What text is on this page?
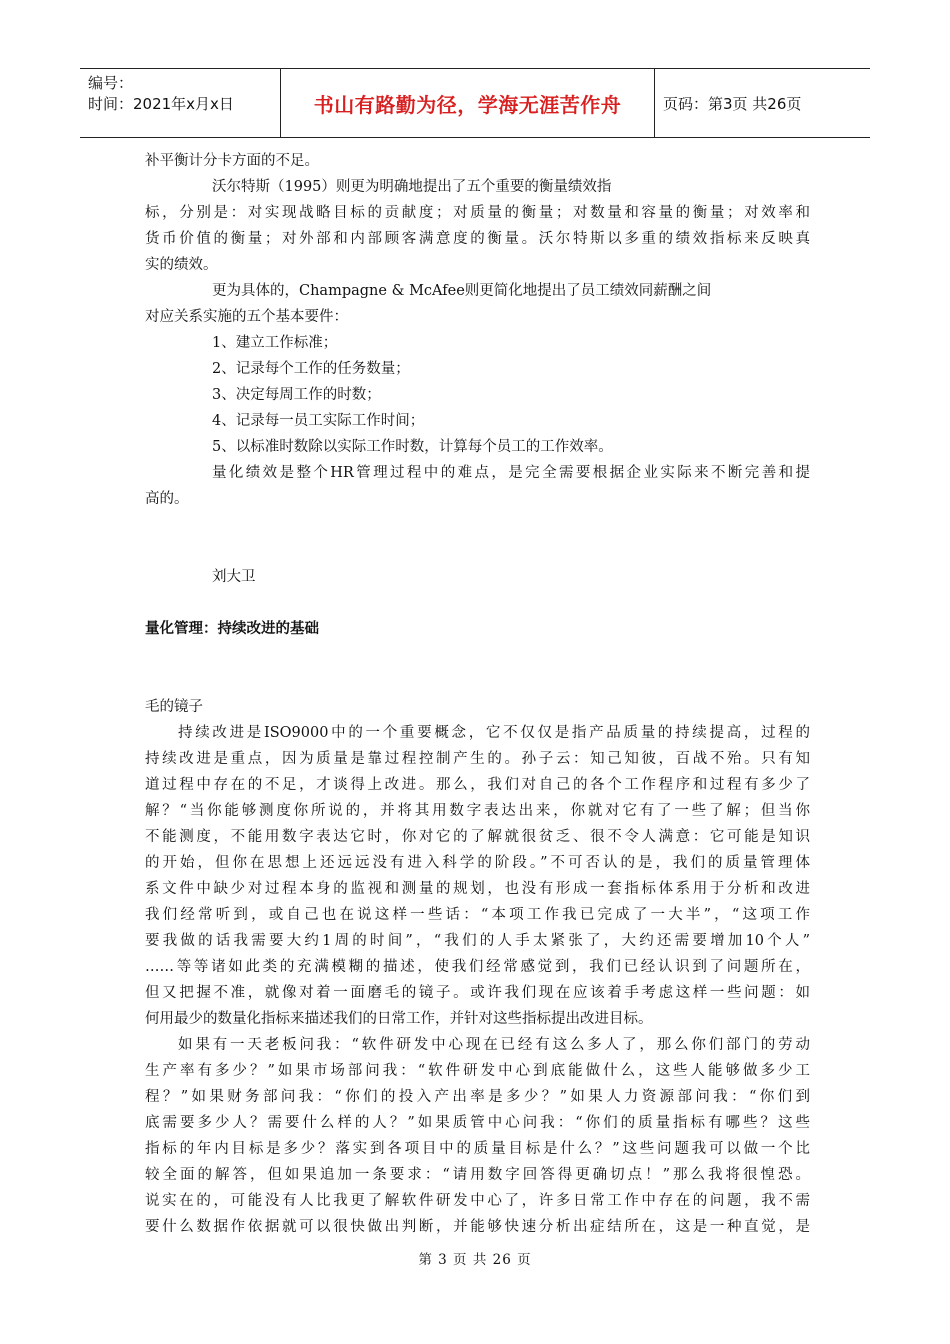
编号：
时间：2021年x月x日	书山有路勤为径，学海无涯苦作舟	页码：第3页 共26页
补平衡计分卡方面的不足。
沃尔特斯（1995）则更为明确地提出了五个重要的衡量绩效指
标，分别是：对实现战略目标的贡献度；对质量的衡量；对数量和容量的衡量；对效率和
货币价值的衡量；对外部和内部顾客满意度的衡量。沃尔特斯以多重的绩效指标来反映真
实的绩效。
更为具体的，Champagne & McAfee则更简化地提出了员工绩效同薪酬之间
对应关系实施的五个基本要件：
1、建立工作标准；
2、记录每个工作的任务数量；
3、决定每周工作的时数；
4、记录每一员工实际工作时间；
5、以标准时数除以实际工作时数，计算每个员工的工作效率。
量化绩效是整个HR管理过程中的难点，是完全需要根据企业实际来不断完善和提
高的。
刘大卫
量化管理：持续改进的基础
毛的镜子
持续改进是ISO9000中的一个重要概念，它不仅仅是指产品质量的持续提高，过程的
持续改进是重点，因为质量是靠过程控制产生的。孙子云：知己知彼，百战不殆。只有知
道过程中存在的不足，才谈得上改进。那么，我们对自己的各个工作程序和过程有多少了
解？“当你能够测度你所说的，并将其用数字表达出来，你就对它有了一些了解；但当你
不能测度，不能用数字表达它时，你对它的了解就很贫乏、很不令人满意：它可能是知识
的开始，但你在思想上还远远没有进入科学的阶段。”不可否认的是，我们的质量管理体
系文件中缺少对过程本身的监视和测量的规划，也没有形成一套指标体系用于分析和改进
我们经常听到，或自己也在说这样一些话：“本项工作我已完成了一大半”，“这项工作
要我做的话我需要大约1周的时间”，“我们的人手太紧张了，大约还需要增加10个人”
……等等诸如此类的充满模糊的描述，使我们经常感觉到，我们已经认识到了问题所在，
但又把握不准，就像对着一面磨毛的镜子。或许我们现在应该着手考虑这样一些问题：如
何用最少的数量化指标来描述我们的日常工作，并针对这些指标提出改进目标。
如果有一天老板问我：“软件研发中心现在已经有这么多人了，那么你们部门的劳动
生产率有多少？”如果市场部问我：“软件研发中心到底能做什么，这些人能够做多少工
程？”如果财务部问我：“你们的投入产出率是多少？”如果人力资源部问我：“你们到
底需要多少人？需要什么样的人？”如果质管中心问我：“你们的质量指标有哪些？这些
指标的年内目标是多少？落实到各项目中的质量目标是什么？”这些问题我可以做一个比
较全面的解答，但如果追加一条要求：“请用数字回答得更确切点！”那么我将很惶恐。
说实在的，可能没有人比我更了解软件研发中心了，许多日常工作中存在的问题，我不需
要什么数据作依据就可以很快做出判断，并能够快速分析出症结所在，这是一种直觉，是
第 3 页 共 26 页
